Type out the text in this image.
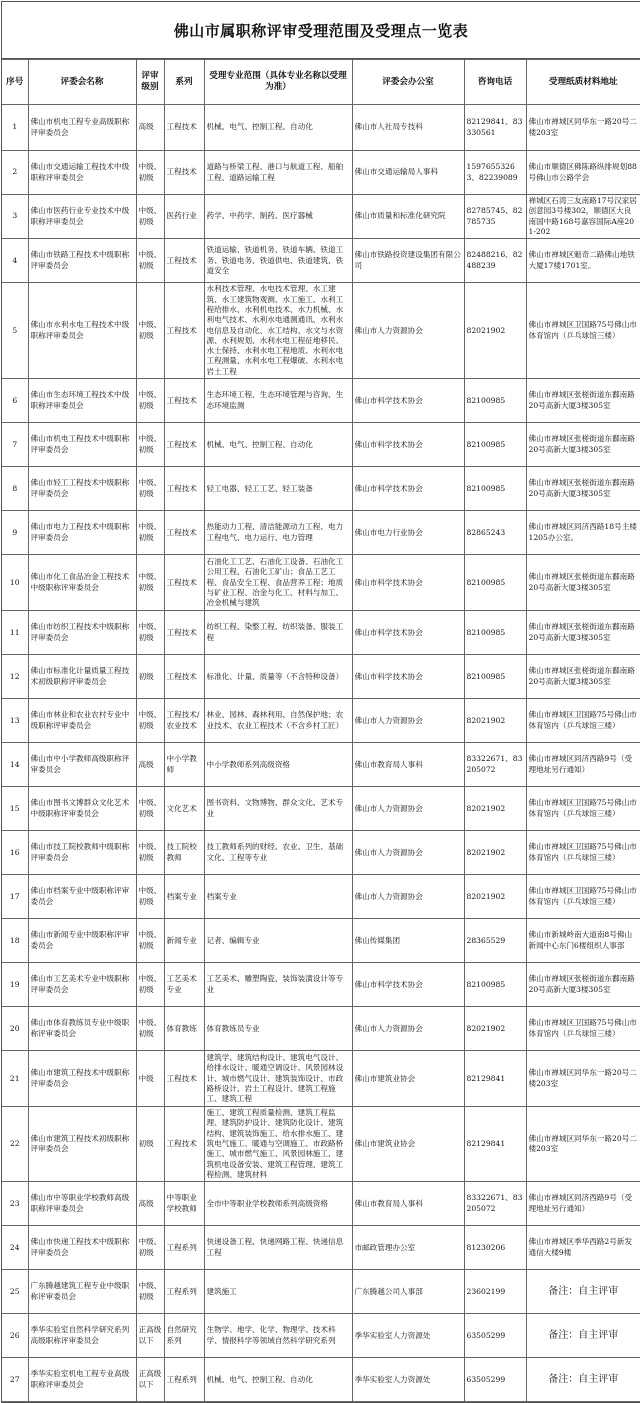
佛山市属职称评审受理范围及受理点一览表
序号	评委会名称	评审级别	系列	受理专业范围（具体专业名称以受理为准）	评委会办公室	咨询电话	受理纸质材料地址
1	佛山市机电工程专业高级职称评审委员会	高级	工程技术	机械、电气、控制工程、自动化	佛山市人社局专技科	82129841、83330561	佛山市禅城区同华东一路20号二楼203室
2	佛山市交通运输工程技术中级职称评审委员会	中级、初级	工程技术	道路与桥梁工程、港口与航道工程、船舶工程、道路运输工程	佛山市交通运输局人事科	15976553263、82239089	佛山市顺德区佛陈路纵排规划88号佛山市公路学会
3	佛山市医药行业专业技术中级职称评审委员会	中级、初级	医药行业	药学、中药学、制药、医疗器械	佛山市质量和标准化研究院	82785745、82785735	禅城区石湾三友南路17号汉家居创意园3号楼302，顺德区大良南国中路168号嘉容国际A座201-202
4	佛山市铁路工程技术中级职称评审委员会	中级、初级	工程技术	铁道运输、铁道机务、铁道车辆、铁道工务、铁道电务、铁道供电、铁道建筑、铁道安全	佛山市铁路投资建设集团有限公司	82488216、82488239	佛山市禅城区魁奇二路佛山地铁大厦17楼1701室。
5	佛山市水利水电工程技术中级职称评审委员会	中级、初级	工程技术	水利技术管理、水电技术管理、水工建筑、水工建筑物观测、水工施工、水利工程给排水、水利机电技术、水力机械、水利电气技术、水利水电通测通讯、水利水电信息及自动化、水工结构、水文与水资源、水利规划、水利水电工程征地移民、水土保持、水利水电工程地质、水利水电工程测量、水利水电工程爆破、水利水电岩土工程	佛山市人力资源协会	82021902	佛山市禅城区卫国路75号佛山市体育馆内（乒乓球馆三楼）
6	佛山市生态环境工程技术中级职称评审委员会	中级、初级	工程技术	生态环境工程、生态环境管理与咨询、生态环境监测	佛山市科学技术协会	82100985	佛山市禅城区张槎街道东鄱南路20号高新大厦3楼305室
7	佛山市机电工程技术中级职称评审委员会	中级、初级	工程技术	机械、电气、控制工程、自动化	佛山市科学技术协会	82100985	佛山市禅城区张槎街道东鄱南路20号高新大厦3楼305室
8	佛山市轻工工程技术中级职称评审委员会	中级、初级	工程技术	轻工电器、轻工工艺、轻工装备	佛山市科学技术协会	82100985	佛山市禅城区张槎街道东鄱南路20号高新大厦3楼305室
9	佛山市电力工程技术中级职称评审委员会	中级、初级	工程技术	热能动力工程、清洁能源动力工程、电力工程电气、电力运行、电力管理	佛山市电力行业协会	82865243	佛山市禅城区同济西路18号主楼1205办公室。
10	佛山市化工食品冶金工程技术中级职称评审委员会	中级、初级	工程技术	石油化工工艺、石油化工设备、石油化工公用工程、石油化工矿山；食品工艺工程、食品安全工程、食品营养工程；地质与矿业工程、冶金与化工、材料与加工、冶金机械与建筑	佛山市科学技术协会	82100985	佛山市禅城区张槎街道东鄱南路20号高新大厦3楼305室
11	佛山市纺织工程技术中级职称评审委员会	中级、初级	工程技术	纺织工程、染整工程、纺织装备、服装工程	佛山市科学技术协会	82100985	佛山市禅城区张槎街道东鄱南路20号高新大厦3楼305室
12	佛山市标准化计量质量工程技术初级职称评审委员会	初级	工程技术	标准化、计量、质量等（不含特种设备）	佛山市科学技术协会	82100985	佛山市禅城区张槎街道东鄱南路20号高新大厦3楼305室
13	佛山市林业和农业农村专业中级职称评审委员会	中级、初级	工程技术/农业技术	林业、园林、森林利用、自然保护地；农业技术、农业工程技术（不含乡村工匠）	佛山市人力资源协会	82021902	佛山市禅城区卫国路75号佛山市体育馆内（乒乓球馆三楼）
14	佛山市中小学教师高级职称评审委员会	高级	中小学教师	中小学教师系列高级资格	佛山市教育局人事科	83322671、83205072	佛山市禅城区同济西路9号（受理地址另行通知）
15	佛山市图书文博群众文化艺术中级职称评审委员会	中级、初级	文化艺术	图书资料、文物博物、群众文化、艺术专业	佛山市人力资源协会	82021902	佛山市禅城区卫国路75号佛山市体育馆内（乒乓球馆三楼）
16	佛山市技工院校教师中级职称评审委员会	中级、初级	技工院校教师	技工教师系列的财经、农业、卫生、基础文化、工程等专业	佛山市人力资源协会	82021902	佛山市禅城区卫国路75号佛山市体育馆内（乒乓球馆三楼）
17	佛山市档案专业中级职称评审委员会	中级、初级	档案专业	档案专业	佛山市人力资源协会	82021902	佛山市禅城区卫国路75号佛山市体育馆内（乒乓球馆三楼）
18	佛山市新闻专业中级职称评审委员会	中级、初级	新闻专业	记者、编辑专业	佛山传媒集团	28365529	佛山市新城岭南大道南8号佛山新闻中心东门6楼组织人事部
19	佛山市工艺美术专业中级职称评审委员会	中级、初级	工艺美术专业	工艺美术、雕塑陶瓷、装饰装潢设计等专业	佛山市科学技术协会	82100985	佛山市禅城区张槎街道东鄱南路20号高新大厦3楼305室
20	佛山市体育教练员专业中级职称评审委员会	中级、初级	体育教练	体育教练员专业	佛山市人力资源协会	82021902	佛山市禅城区卫国路75号佛山市体育馆内（乒乓球馆三楼）
21	佛山市建筑工程技术中级职称评审委员会	中级	工程技术	建筑学、建筑结构设计、建筑电气设计、给排水设计、暖通空调设计、风景园林设计、城市燃气设计、建筑装饰设计、市政路桥设计、岩土工程设计、建筑工程施工、建筑工程	佛山市建筑业协会	82129841	佛山市禅城区同华东一路20号二楼203室
22	佛山市建筑工程技术初级职称评审委员会	初级	工程技术	施工、建筑工程质量检测、建筑工程监理、建筑防护设计、建筑防化设计、建筑结构、建筑装饰施工、给水排水施工、建筑电气施工、暖通与空调施工、市政路桥施工、城市燃气施工、风景园林施工、建筑机电设备安装、建筑工程管理、建筑工程检测、建筑材料	佛山市建筑业协会	82129841	佛山市禅城区同华东一路20号二楼203室
23	佛山市中等职业学校教师高级职称评审委员会	高级	中等职业学校教师	全市中等职业学校教师系列高级资格	佛山市教育局人事科	83322671、83205072	佛山市禅城区同济西路9号（受理地址另行通知）
24	佛山市快递工程技术中级职称评审委员会	中级、初级	工程系列	快递设备工程、快递网路工程、快递信息工程	市邮政管理办公室	81230206	佛山市禅城区季华西路2号新发通信大楼9楼
25	广东腾越建筑工程专业中级职称评审委员会	中级、初级	工程系列	建筑施工	广东腾越公司人事部	23602199	备注：自主评审
26	季华实验室自然科学研究系列高级职称评审委员会	正高级以下	自然研究系列	生物学、地学、化学、物理学、技术科学、情报科学等领域自然科学研究系列	季华实验室人力资源处	63505299	备注：自主评审
27	季华实验室机电工程专业高级职称评审委员会	正高级以下	工程系列	机械、电气、控制工程、自动化	季华实验室人力资源处	63505299	备注：自主评审
